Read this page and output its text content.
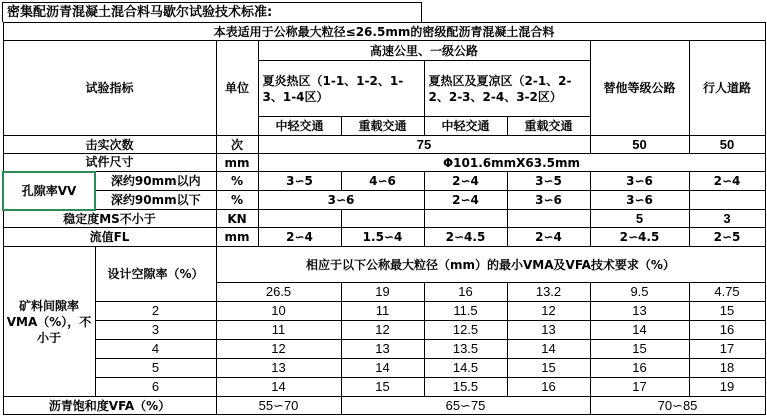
密集配沥青混凝土混合料马歇尔试验技术标准:
本表适用于公称最大粒径≤26.5mm的密级配沥青混凝土混合料								
试验指标		单位	高速公里、一级公路				替他等级公路	行人道路
			夏炎热区（1-1、1-2、1-3、1-4区）		夏热区及夏凉区（2-1、2-2、2-3、2-4、3-2区）			
			中轻交通	重载交通	中轻交通	重载交通		
击实次数		次	75				50	50
试件尺寸		mm	Φ101.6mmX63.5mm					
孔隙率VV	深约90mm以内	%	3∽5	4∽6	2∽4	3∽5	3∽6	2∽4
	深约90mm以下	%	3∽6		2∽4	3∽6	3∽6	
稳定度MS不小于		KN					5	3
流值FL		mm	2∽4	1.5∽4	2∽4.5	2∽4	2∽4.5	2∽5
矿料间隙率VMA（%），不小于	设计空隙率（%）	相应于以下公称最大粒径（mm）的最小VMA及VFA技术要求（%）						
		26.5		19	16	13.2	9.5	4.75
	2	10		11	11.5	12	13	15
	3	11		12	12.5	13	14	16
	4	12		13	13.5	14	15	17
	5	13		14	14.5	15	16	18
	6	14		15	15.5	16	17	19
沥青饱和度VFA（%）		55∽70		65∽75			70∽85	
